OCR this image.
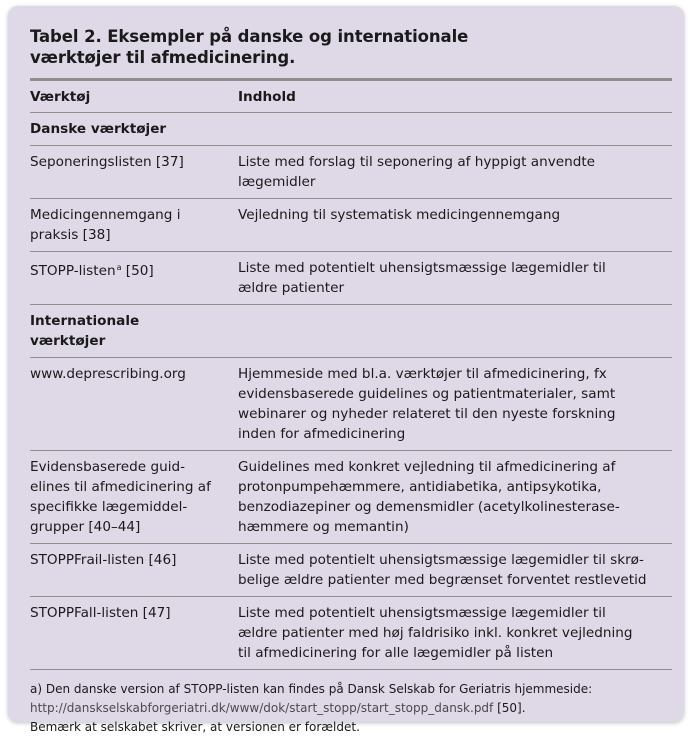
Tabel 2. Eksempler på danske og internationale
værktøjer til afmedicinering.
Værktøj	Indhold
Danske værktøjer	
Seponeringslisten [37]	Liste med forslag til seponering af hyppigt anvendte
lægemidler
Medicingennemgang i
praksis [38]	Vejledning til systematisk medicingennemgang
STOPP-listen$^a$ [50]	Liste med potentielt uhensigtsmæssige lægemidler til
ældre patienter
Internationale
værktøjer	
www.deprescribing.org	Hjemmeside med bl.a. værktøjer til afmedicinering, fx
evidensbaserede guidelines og patientmaterialer, samt
webinarer og nyheder relateret til den nyeste forskning
inden for afmedicinering
Evidensbaserede guid-
elines til afmedicinering af
specifikke lægemiddel-
grupper [40–44]	Guidelines med konkret vejledning til afmedicinering af
protonpumpehæmmere, antidiabetika, antipsykotika,
benzodiazepiner og demensmidler (acetylkolinesterase-
hæmmere og memantin)
STOPPFrail-listen [46]	Liste med potentielt uhensigtsmæssige lægemidler til skrø-
belige ældre patienter med begrænset forventet restlevetid
STOPPFall-listen [47]	Liste med potentielt uhensigtsmæssige lægemidler til
ældre patienter med høj faldrisiko inkl. konkret vejledning
til afmedicinering for alle lægemidler på listen
a) Den danske version af STOPP-listen kan findes på Dansk Selskab for Geriatris hjemmeside:
http://danskselskabforgeriatri.dk/www/dok/start_stopp/start_stopp_dansk.pdf [50].
Bemærk at selskabet skriver, at versionen er forældet.
